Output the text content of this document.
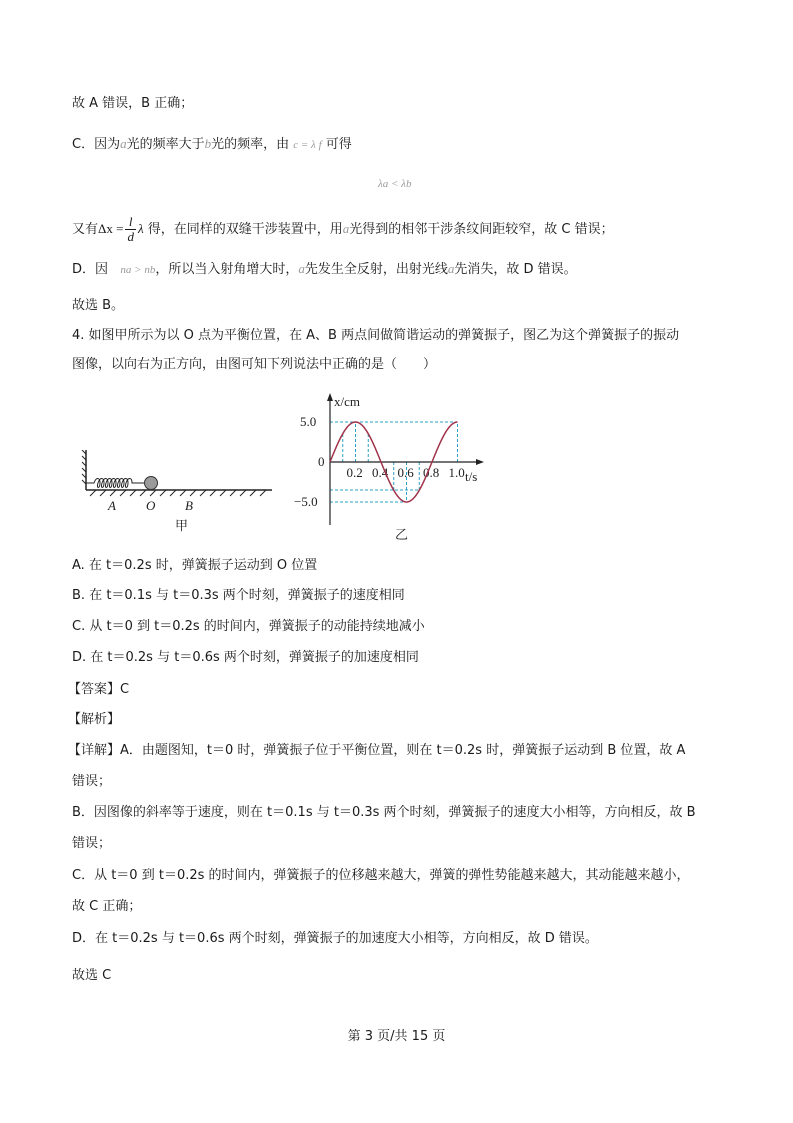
故 A 错误，B 正确；
C．因为a光的频率大于b光的频率，由 c = λ f 可得
λa < λb
又有$\Delta x = \frac{l}{d}$ λ 得，在同样的双缝干涉装置中，用a光得到的相邻干涉条纹间距较窄，故 C 错误；
D．因 na > nb，所以当入射角增大时，a先发生全反射，出射光线a先消失，故 D 错误。
故选 B。
4. 如图甲所示为以 O 点为平衡位置，在 A、B 两点间做简谐运动的弹簧振子，图乙为这个弹簧振子的振动
图像，以向右为正方向，由图可知下列说法中正确的是（　　）
A O B
甲
x/cm
t/s
5.0
0
−5.0
0.2 0.4 0.6 0.8 1.0
乙
A. 在 t＝0.2s 时，弹簧振子运动到 O 位置
B. 在 t＝0.1s 与 t＝0.3s 两个时刻，弹簧振子的速度相同
C. 从 t＝0 到 t＝0.2s 的时间内，弹簧振子的动能持续地减小
D. 在 t＝0.2s 与 t＝0.6s 两个时刻，弹簧振子的加速度相同
【答案】C
【解析】
【详解】A．由题图知，t＝0 时，弹簧振子位于平衡位置，则在 t＝0.2s 时，弹簧振子运动到 B 位置，故 A
错误；
B．因图像的斜率等于速度，则在 t＝0.1s 与 t＝0.3s 两个时刻，弹簧振子的速度大小相等，方向相反，故 B
错误；
C．从 t＝0 到 t＝0.2s 的时间内，弹簧振子的位移越来越大，弹簧的弹性势能越来越大，其动能越来越小，
故 C 正确；
D．在 t＝0.2s 与 t＝0.6s 两个时刻，弹簧振子的加速度大小相等，方向相反，故 D 错误。
故选 C
第 3 页/共 15 页
